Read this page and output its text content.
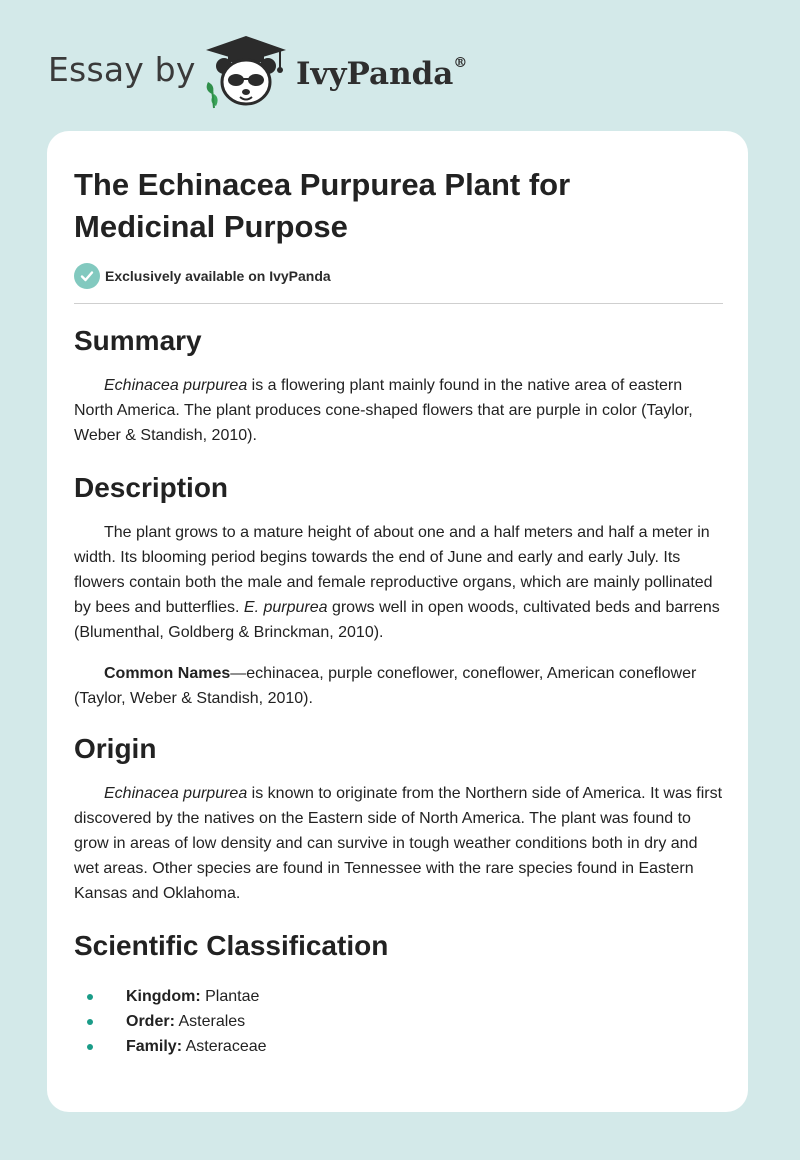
Essay by	IvyPanda®
The Echinacea Purpurea Plant for Medicinal Purpose
Exclusively available on IvyPanda
Summary

Echinacea purpurea is a flowering plant mainly found in the native area of eastern North America. The plant produces cone-shaped flowers that are purple in color (Taylor, Weber & Standish, 2010).

Description

The plant grows to a mature height of about one and a half meters and half a meter in width. Its blooming period begins towards the end of June and early and early July. Its flowers contain both the male and female reproductive organs, which are mainly pollinated by bees and butterflies. E. purpurea grows well in open woods, cultivated beds and barrens (Blumenthal, Goldberg & Brinckman, 2010).

Common Names—echinacea, purple coneflower, coneflower, American coneflower (Taylor, Weber & Standish, 2010).

Origin

Echinacea purpurea is known to originate from the Northern side of America. It was first discovered by the natives on the Eastern side of North America. The plant was found to grow in areas of low density and can survive in tough weather conditions both in dry and wet areas. Other species are found in Tennessee with the rare species found in Eastern Kansas and Oklahoma.

Scientific Classification
Kingdom: Plantae
Order: Asterales
Family: Asteraceae
